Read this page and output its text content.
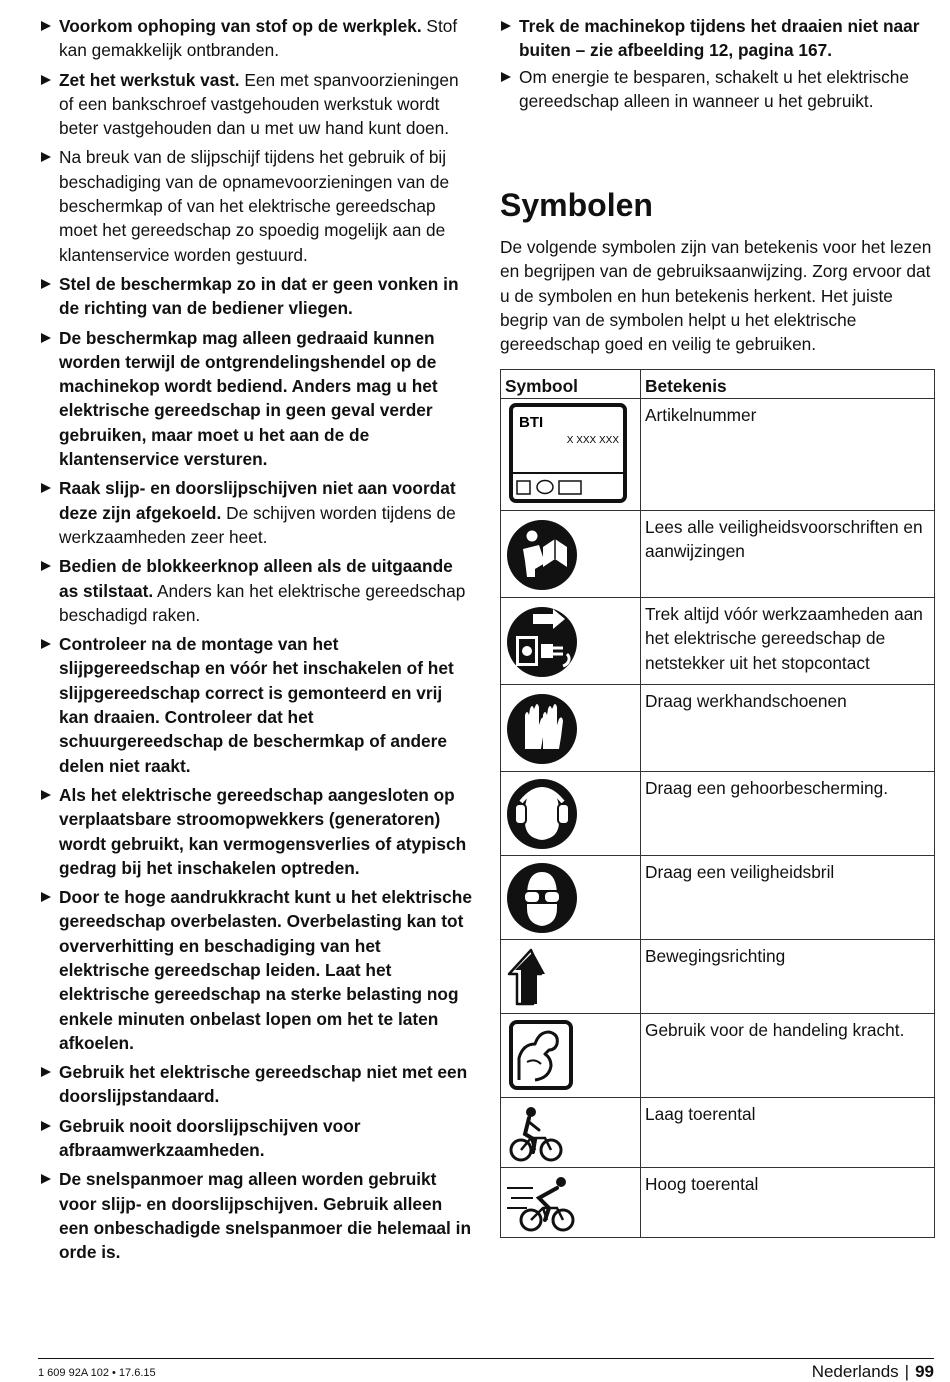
Voorkom ophoping van stof op de werkplek. Stof kan gemakkelijk ontbranden.
Zet het werkstuk vast. Een met spanvoorzieningen of een bankschroef vastgehouden werkstuk wordt beter vastgehouden dan u met uw hand kunt doen.
Na breuk van de slijpschijf tijdens het gebruik of bij beschadiging van de opnamevoorzieningen van de beschermkap of van het elektrische gereedschap moet het gereedschap zo spoedig mogelijk aan de klantenservice worden gestuurd.
Stel de beschermkap zo in dat er geen vonken in de richting van de bediener vliegen.
De beschermkap mag alleen gedraaid kunnen worden terwijl de ontgrendelingshendel op de machinekop wordt bediend. Anders mag u het elektrische gereedschap in geen geval verder gebruiken, maar moet u het aan de de klantenservice versturen.
Raak slijp- en doorslijpschijven niet aan voordat deze zijn afgekoeld. De schijven worden tijdens de werkzaamheden zeer heet.
Bedien de blokkeerknop alleen als de uitgaande as stilstaat. Anders kan het elektrische gereedschap beschadigd raken.
Controleer na de montage van het slijpgereedschap en vóór het inschakelen of het slijpgereedschap correct is gemonteerd en vrij kan draaien. Controleer dat het schuurgereedschap de beschermkap of andere delen niet raakt.
Als het elektrische gereedschap aangesloten op verplaatsbare stroomopwekkers (generatoren) wordt gebruikt, kan vermogensverlies of atypisch gedrag bij het inschakelen optreden.
Door te hoge aandrukkracht kunt u het elektrische gereedschap overbelasten. Overbelasting kan tot oververhitting en beschadiging van het elektrische gereedschap leiden. Laat het elektrische gereedschap na sterke belasting nog enkele minuten onbelast lopen om het te laten afkoelen.
Gebruik het elektrische gereedschap niet met een doorslijpstandaard.
Gebruik nooit doorslijpschijven voor afbraamwerkzaamheden.
De snelspanmoer mag alleen worden gebruikt voor slijp- en doorslijpschijven. Gebruik alleen een onbeschadigde snelspanmoer die helemaal in orde is.
Trek de machinekop tijdens het draaien niet naar buiten – zie afbeelding 12, pagina 167.
Om energie te besparen, schakelt u het elektrische gereedschap alleen in wanneer u het gebruikt.
Symbolen

De volgende symbolen zijn van betekenis voor het lezen en begrijpen van de gebruiksaanwijzing. Zorg ervoor dat u de symbolen en hun betekenis herkent. Het juiste begrip van de symbolen helpt u het elektrische gereedschap goed en veilig te gebruiken.

Symbool	Betekenis

BTI
X XXX XXX	Artikelnummer

	Lees alle veiligheidsvoorschriften en aanwijzingen

	Trek altijd vóór werkzaamheden aan het elektrische gereedschap de netstekker uit het stopcontact

	Draag werkhandschoenen

	Draag een gehoorbescherming.

	Draag een veiligheidsbril

	Bewegingsrichting

	Gebruik voor de handeling kracht.

	Laag toerental

	Hoog toerental
1 609 92A 102 • 17.6.15	Nederlands | 99
